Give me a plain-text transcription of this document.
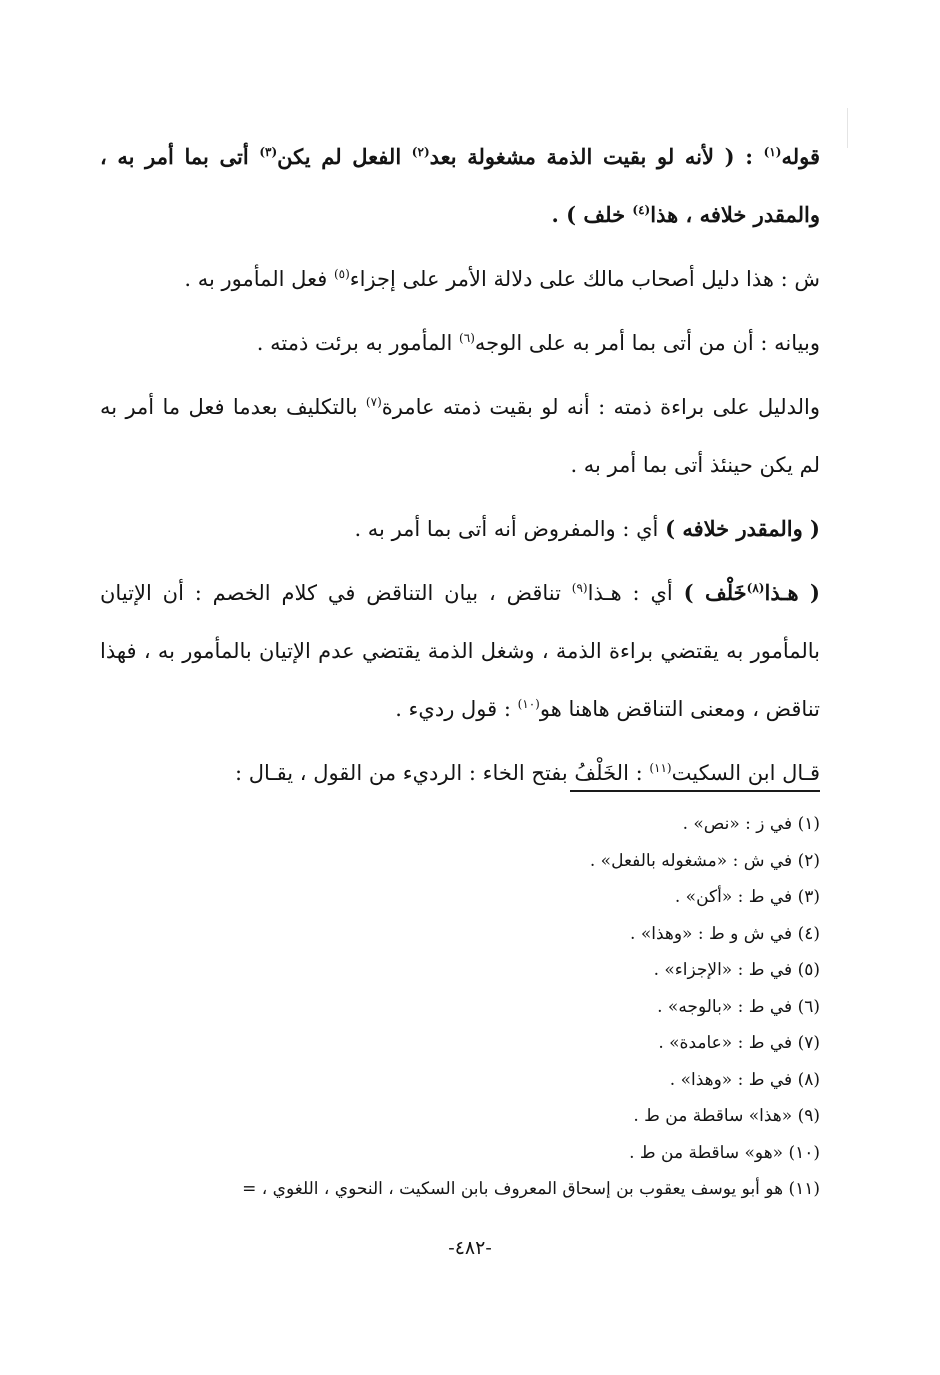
قوله$^{(١)}$ : ( لأنه لو بقيت الذمة مشغولة بعد$^{(٢)}$ الفعل لم يكن$^{(٣)}$ أتى بما أمر به ، والمقدر خلافه ، هذا$^{(٤)}$ خلف ) .

ش : هذا دليل أصحاب مالك على دلالة الأمر على إجزاء$^{(٥)}$ فعل المأمور به .

وبيانه : أن من أتى بما أمر به على الوجه$^{(٦)}$ المأمور به برئت ذمته .

والدليل على براءة ذمته : أنه لو بقيت ذمته عامرة$^{(٧)}$ بالتكليف بعدما فعل ما أمر به لم يكن حينئذ أتى بما أمر به .

( والمقدر خلافه ) أي : والمفروض أنه أتى بما أمر به .

( هـذا$^{(٨)}$خَلْف ) أي : هـذا$^{(٩)}$ تناقض ، بيان التناقض في كلام الخصم : أن الإتيان بالمأمور به يقتضي براءة الذمة ، وشغل الذمة يقتضي عدم الإتيان بالمأمور به ، فهذا تناقض ، ومعنى التناقض هاهنا هو$^{(١٠)}$ : قول رديء .

قـال ابن السكيت$^{(١١)}$ : الخَلْفُ بفتح الخاء : الرديء من القول ، يقـال :

(١) في ز : «نص» .
(٢) في ش : «مشغوله بالفعل» .
(٣) في ط : «أكن» .
(٤) في ش و ط : «وهذا» .
(٥) في ط : «الإجزاء» .
(٦) في ط : «بالوجه» .
(٧) في ط : «عامدة» .
(٨) في ط : «وهذا» .
(٩) «هذا» ساقطة من ط .
(١٠) «هو» ساقطة من ط .
(١١) هو أبو يوسف يعقوب بن إسحاق المعروف بابن السكيت ، النحوي ، اللغوي ، =
-٤٨٢-
